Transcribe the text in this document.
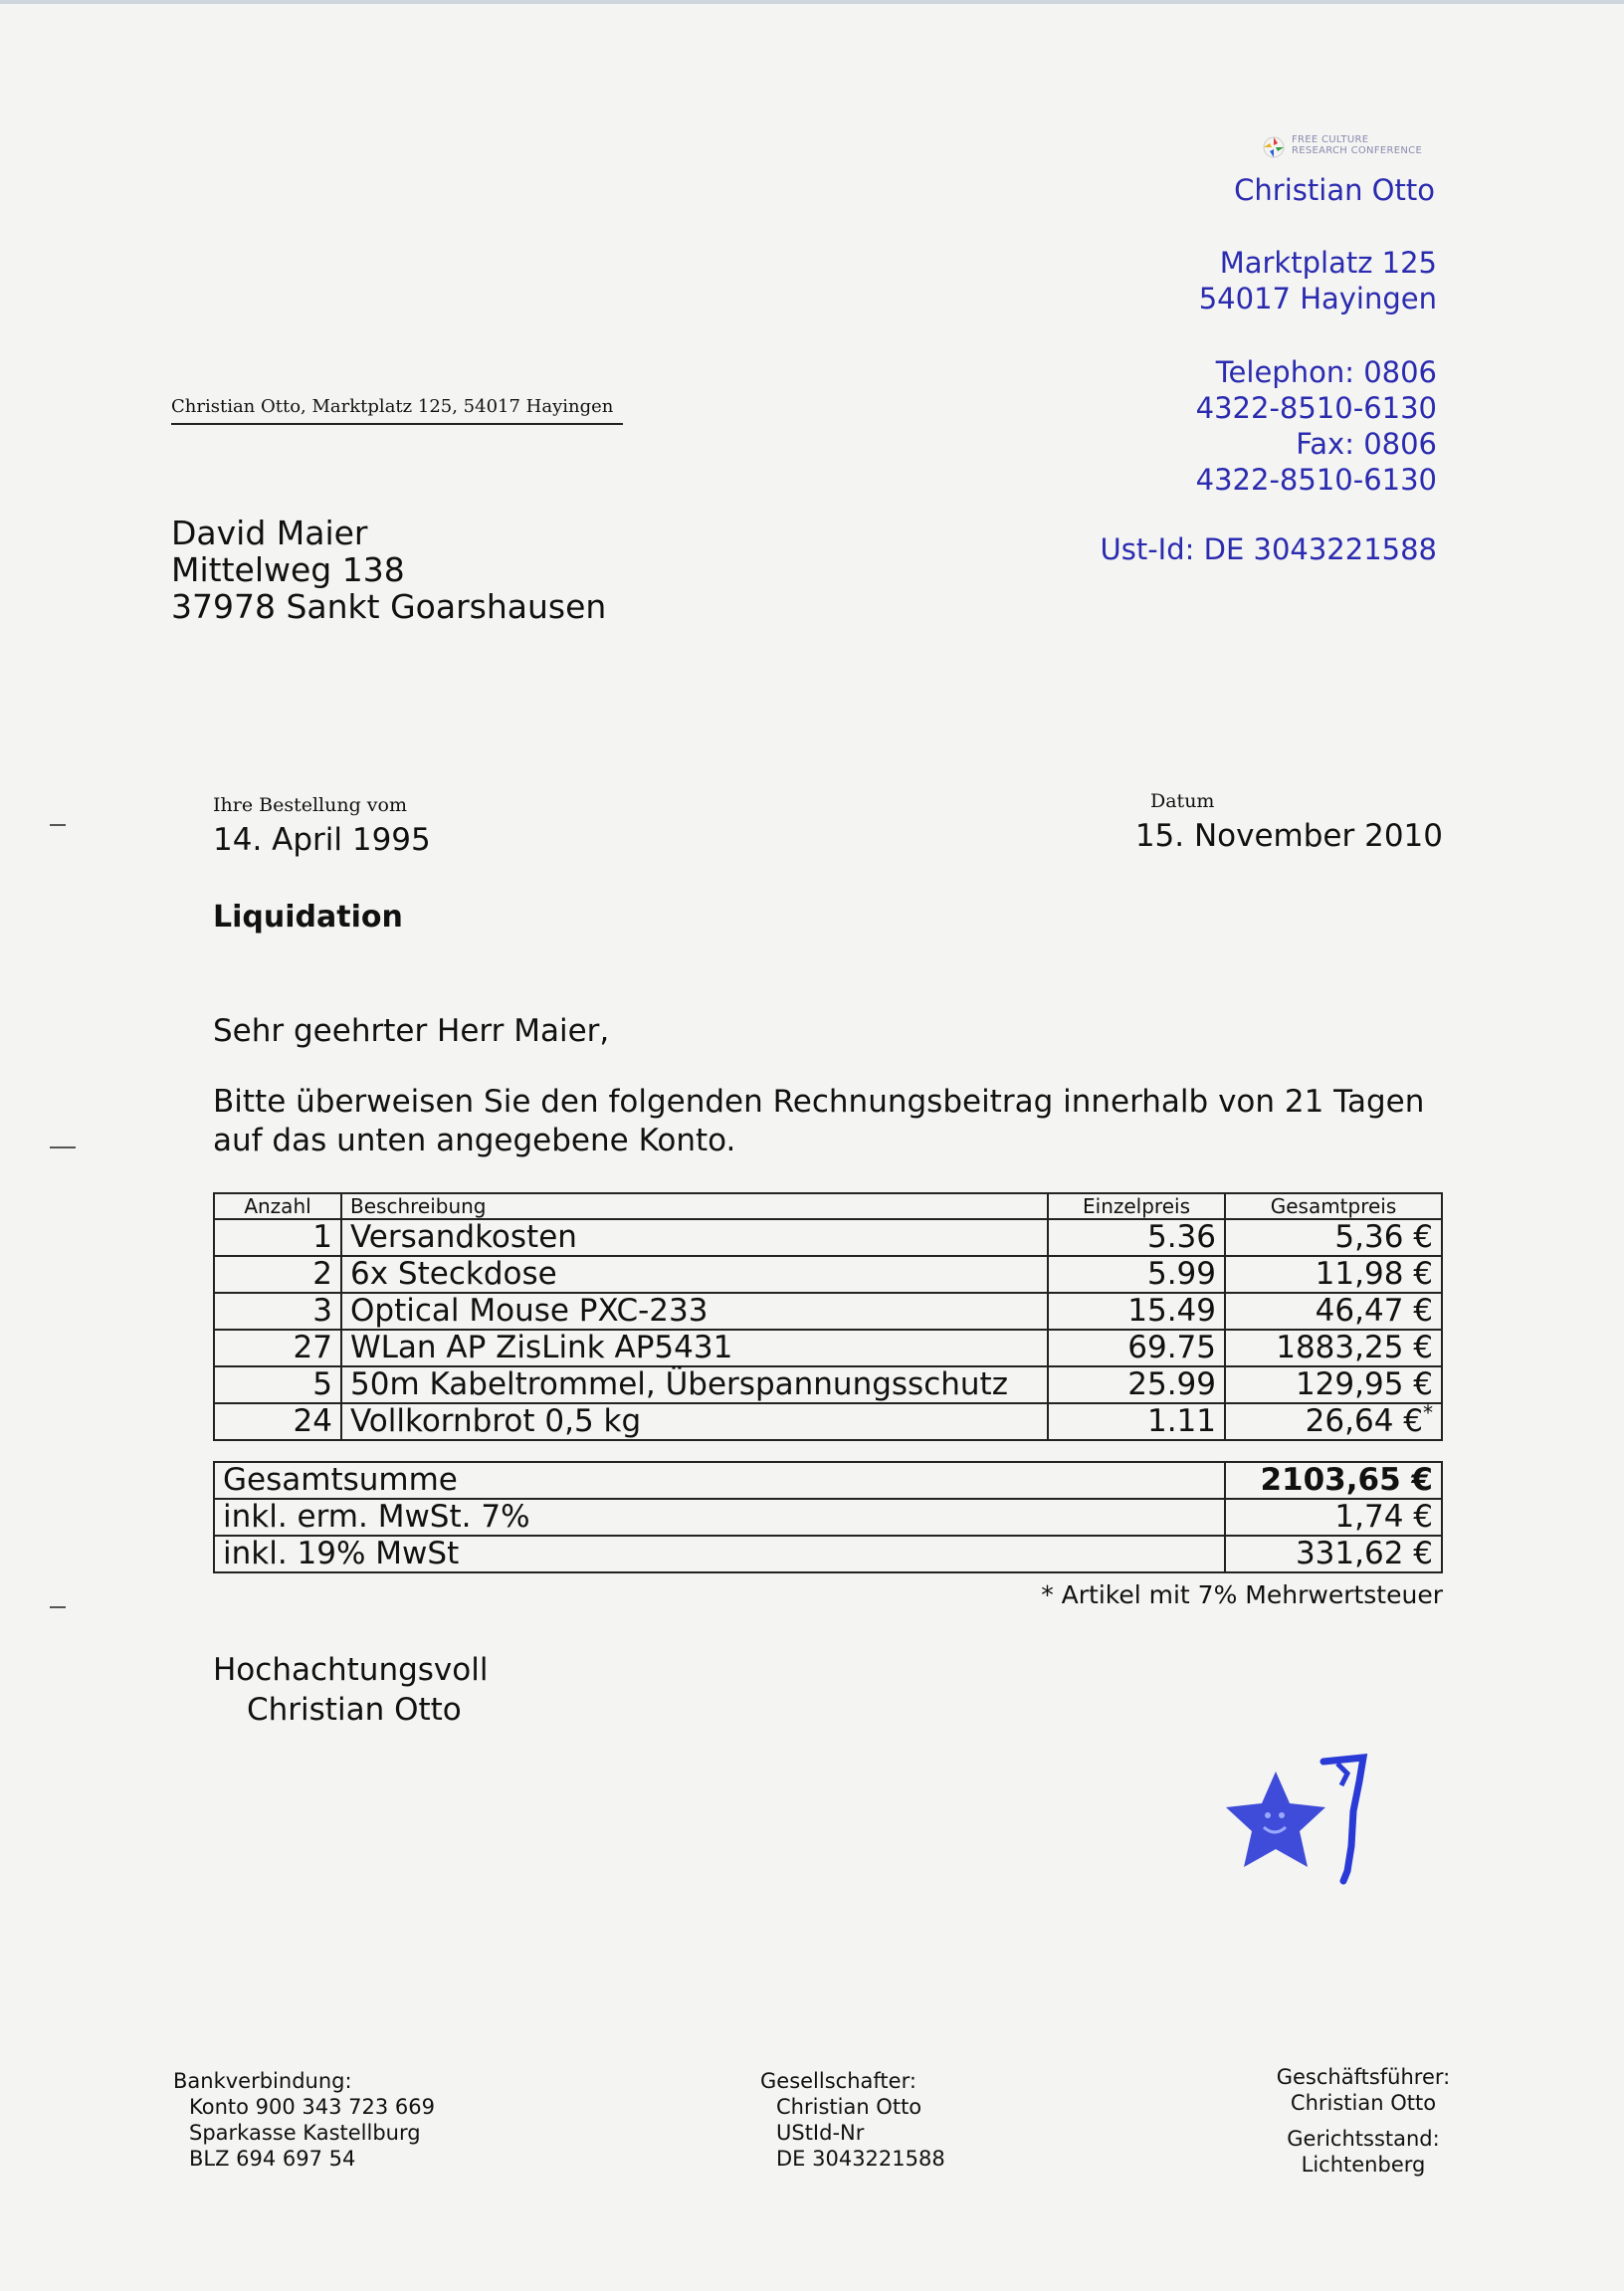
FREE CULTURE
RESEARCH CONFERENCE
Christian Otto
Marktplatz 125
54017 Hayingen
Telephon: 0806
4322-8510-6130
Fax: 0806
4322-8510-6130
Ust-Id: DE 3043221588
Christian Otto, Marktplatz 125, 54017 Hayingen
David Maier
Mittelweg 138
37978 Sankt Goarshausen
Ihre Bestellung vom
14. April 1995
Datum
15. November 2010
Liquidation
Sehr geehrter Herr Maier,
Bitte überweisen Sie den folgenden Rechnungsbeitrag innerhalb von 21 Tagen
auf das unten angegebene Konto.
Anzahl	Beschreibung	Einzelpreis	Gesamtpreis
1	Versandkosten	5.36	5,36 €
2	6x Steckdose	5.99	11,98 €
3	Optical Mouse PXC-233	15.49	46,47 €
27	WLan AP ZisLink AP5431	69.75	1883,25 €
5	50m Kabeltrommel, Überspannungsschutz	25.99	129,95 €
24	Vollkornbrot 0,5 kg	1.11	26,64 €*
Gesamtsumme	2103,65 €
inkl. erm. MwSt. 7%	1,74 €
inkl. 19% MwSt	331,62 €
* Artikel mit 7% Mehrwertsteuer
Hochachtungsvoll
Christian Otto
Bankverbindung:
Konto 900 343 723 669
Sparkasse Kastellburg
BLZ 694 697 54
Gesellschafter:
Christian Otto
UStId-Nr
DE 3043221588
Geschäftsführer:
Christian Otto
Gerichtsstand:
Lichtenberg
